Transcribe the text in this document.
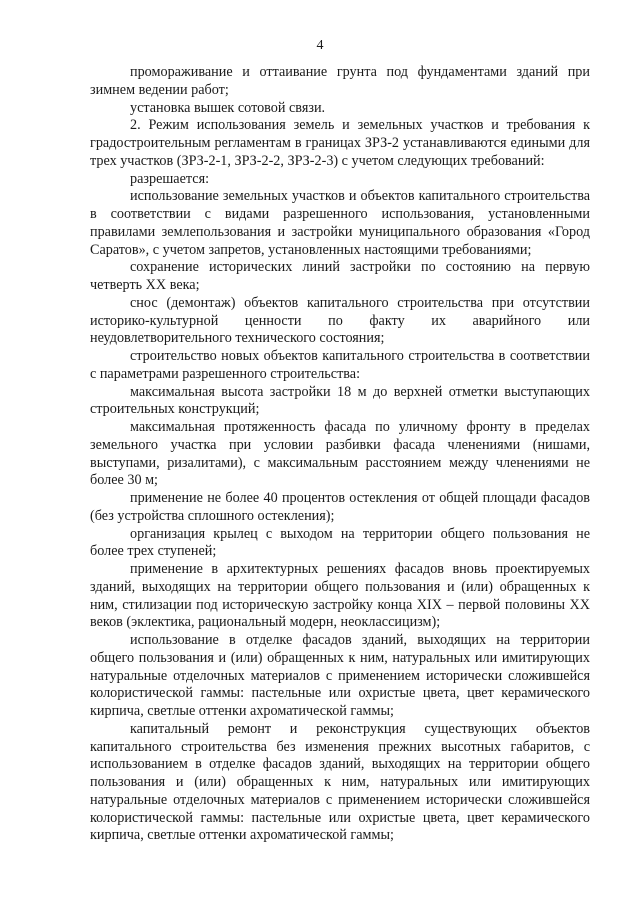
4

промораживание и оттаивание грунта под фундаментами зданий при зимнем ведении работ;

установка вышек сотовой связи.

2. Режим использования земель и земельных участков и требования к градостроительным регламентам в границах ЗРЗ-2 устанавливаются едиными для трех участков (ЗРЗ-2-1, ЗРЗ-2-2, ЗРЗ-2-3) с учетом следующих требований:

разрешается:

использование земельных участков и объектов капитального строительства в соответствии с видами разрешенного использования, установленными правилами землепользования и застройки муниципального образования «Город Саратов», с учетом запретов, установленных настоящими требованиями;

сохранение исторических линий застройки по состоянию на первую четверть XX века;

снос (демонтаж) объектов капитального строительства при отсутствии историко-культурной ценности по факту их аварийного или неудовлетворительного технического состояния;

строительство новых объектов капитального строительства в соответствии с параметрами разрешенного строительства:

максимальная высота застройки 18 м до верхней отметки выступающих строительных конструкций;

максимальная протяженность фасада по уличному фронту в пределах земельного участка при условии разбивки фасада членениями (нишами, выступами, ризалитами), с максимальным расстоянием между членениями не более 30 м;

применение не более 40 процентов остекления от общей площади фасадов (без устройства сплошного остекления);

организация крылец с выходом на территории общего пользования не более трех ступеней;

применение в архитектурных решениях фасадов вновь проектируемых зданий, выходящих на территории общего пользования и (или) обращенных к ним, стилизации под историческую застройку конца XIX – первой половины XX веков (эклектика, рациональный модерн, неоклассицизм);

использование в отделке фасадов зданий, выходящих на территории общего пользования и (или) обращенных к ним, натуральных или имитирующих натуральные отделочных материалов с применением исторически сложившейся колористической гаммы: пастельные или охристые цвета, цвет керамического кирпича, светлые оттенки ахроматической гаммы;

капитальный ремонт и реконструкция существующих объектов капитального строительства без изменения прежних высотных габаритов, с использованием в отделке фасадов зданий, выходящих на территории общего пользования и (или) обращенных к ним, натуральных или имитирующих натуральные отделочных материалов с применением исторически сложившейся колористической гаммы: пастельные или охристые цвета, цвет керамического кирпича, светлые оттенки ахроматической гаммы;
